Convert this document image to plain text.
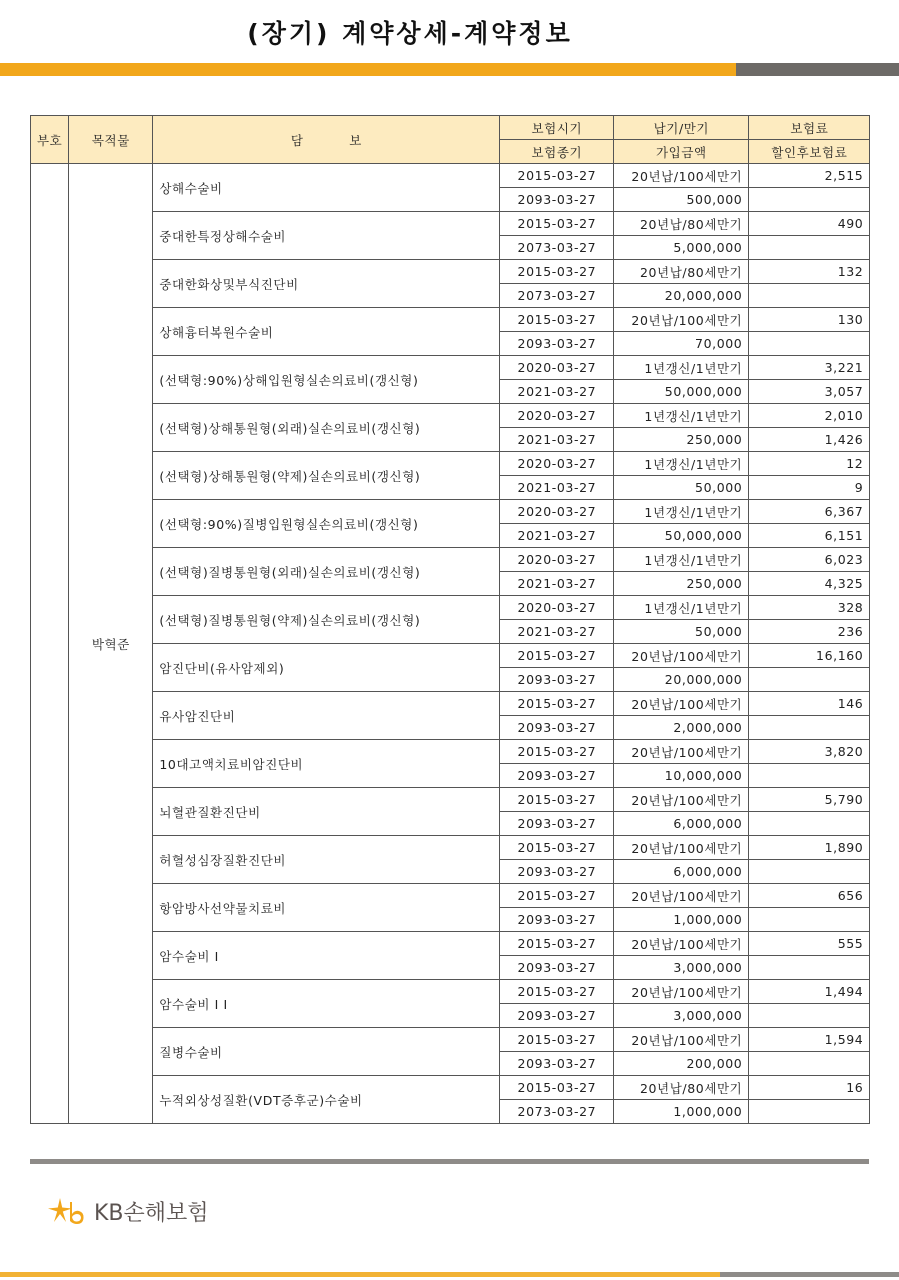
(장기) 계약상세-계약정보
부호	목적물	담          보	보험시기	납기/만기	보험료
			보험종기	가입금액	할인후보험료
	박혁준	상해수술비	2015-03-27	20년납/100세만기	2,515
			2093-03-27	500,000	
		중대한특정상해수술비	2015-03-27	20년납/80세만기	490
			2073-03-27	5,000,000	
		중대한화상및부식진단비	2015-03-27	20년납/80세만기	132
			2073-03-27	20,000,000	
		상해흉터복원수술비	2015-03-27	20년납/100세만기	130
			2093-03-27	70,000	
		(선택형:90%)상해입원형실손의료비(갱신형)	2020-03-27	1년갱신/1년만기	3,221
			2021-03-27	50,000,000	3,057
		(선택형)상해통원형(외래)실손의료비(갱신형)	2020-03-27	1년갱신/1년만기	2,010
			2021-03-27	250,000	1,426
		(선택형)상해통원형(약제)실손의료비(갱신형)	2020-03-27	1년갱신/1년만기	12
			2021-03-27	50,000	9
		(선택형:90%)질병입원형실손의료비(갱신형)	2020-03-27	1년갱신/1년만기	6,367
			2021-03-27	50,000,000	6,151
		(선택형)질병통원형(외래)실손의료비(갱신형)	2020-03-27	1년갱신/1년만기	6,023
			2021-03-27	250,000	4,325
		(선택형)질병통원형(약제)실손의료비(갱신형)	2020-03-27	1년갱신/1년만기	328
			2021-03-27	50,000	236
		암진단비(유사암제외)	2015-03-27	20년납/100세만기	16,160
			2093-03-27	20,000,000	
		유사암진단비	2015-03-27	20년납/100세만기	146
			2093-03-27	2,000,000	
		10대고액치료비암진단비	2015-03-27	20년납/100세만기	3,820
			2093-03-27	10,000,000	
		뇌혈관질환진단비	2015-03-27	20년납/100세만기	5,790
			2093-03-27	6,000,000	
		허혈성심장질환진단비	2015-03-27	20년납/100세만기	1,890
			2093-03-27	6,000,000	
		항암방사선약물치료비	2015-03-27	20년납/100세만기	656
			2093-03-27	1,000,000	
		암수술비 I	2015-03-27	20년납/100세만기	555
			2093-03-27	3,000,000	
		암수술비 I I	2015-03-27	20년납/100세만기	1,494
			2093-03-27	3,000,000	
		질병수술비	2015-03-27	20년납/100세만기	1,594
			2093-03-27	200,000	
		누적외상성질환(VDT증후군)수술비	2015-03-27	20년납/80세만기	16
			2073-03-27	1,000,000	
KB손해보험
